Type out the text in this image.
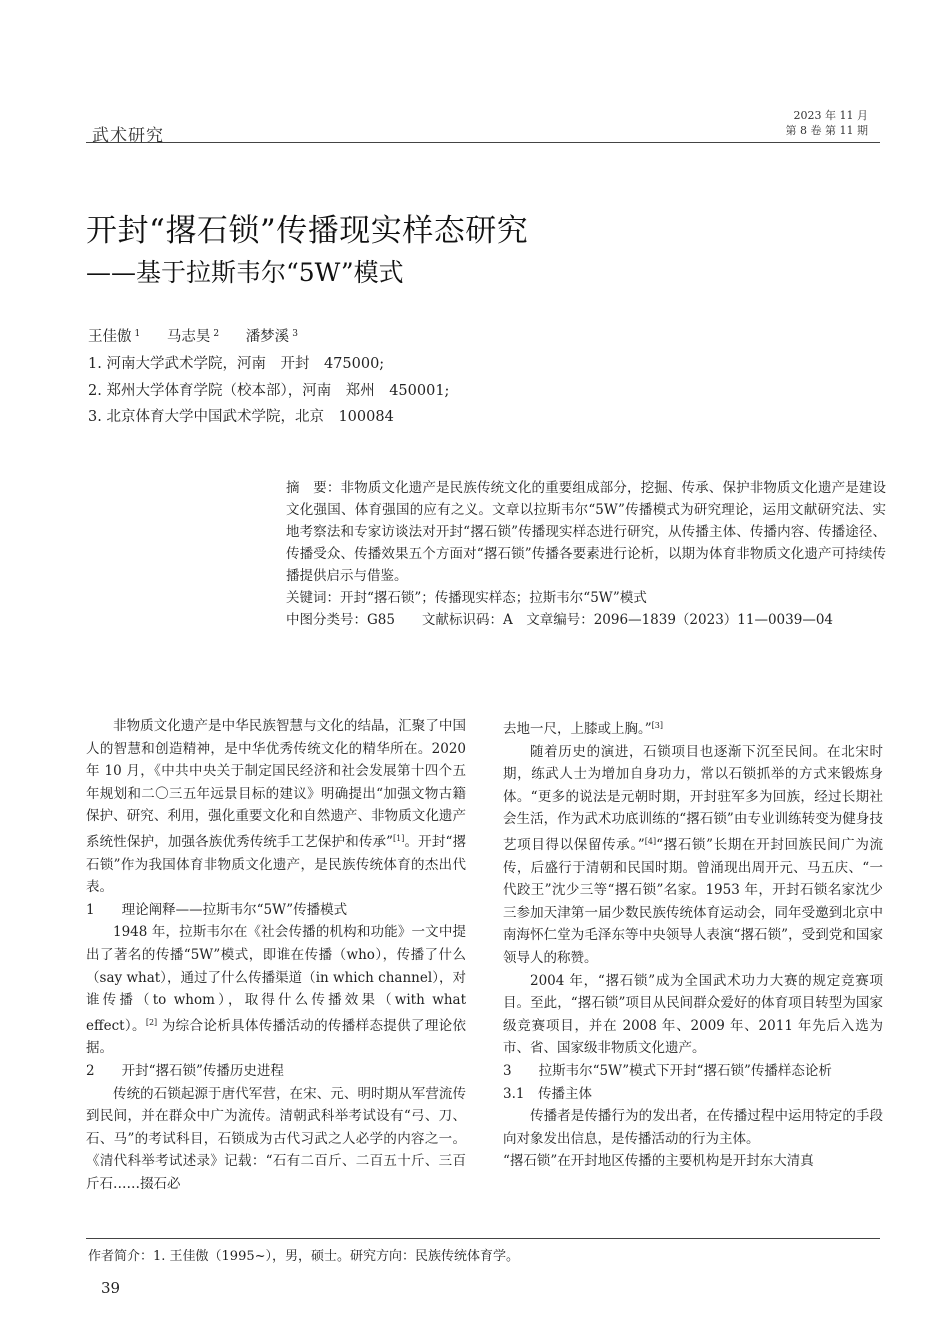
武术研究
2023 年 11 月
第 8 卷 第 11 期
开封“撂石锁”传播现实样态研究
——基于拉斯韦尔“5W”模式
王佳傲 $^1$ 马志昊 $^2$ 潘梦溪 $^3$
1. 河南大学武术学院，河南　开封　475000;
2. 郑州大学体育学院（校本部），河南　郑州　450001;
3. 北京体育大学中国武术学院，北京　100084

摘　要：非物质文化遗产是民族传统文化的重要组成部分，挖掘、传承、保护非物质文化遗产是建设文化强国、体育强国的应有之义。文章以拉斯韦尔“5W”传播模式为研究理论，运用文献研究法、实地考察法和专家访谈法对开封“撂石锁”传播现实样态进行研究，从传播主体、传播内容、传播途径、传播受众、传播效果五个方面对“撂石锁”传播各要素进行论析，以期为体育非物质文化遗产可持续传播提供启示与借鉴。

关键词：开封“撂石锁”；传播现实样态；拉斯韦尔“5W”模式

中图分类号：G85　　文献标识码：A　文章编号：2096—1839（2023）11—0039—04

非物质文化遗产是中华民族智慧与文化的结晶，汇聚了中国人的智慧和创造精神，是中华优秀传统文化的精华所在。2020 年 10 月，《中共中央关于制定国民经济和社会发展第十四个五年规划和二〇三五年远景目标的建议》明确提出“加强文物古籍保护、研究、利用，强化重要文化和自然遗产、非物质文化遗产系统性保护，加强各族优秀传统手工艺保护和传承”[1]。开封“撂石锁”作为我国体育非物质文化遗产，是民族传统体育的杰出代表。

1　　理论阐释——拉斯韦尔“5W”传播模式

1948 年，拉斯韦尔在《社会传播的机构和功能》一文中提出了著名的传播“5W”模式，即谁在传播（who），传播了什么（say what），通过了什么传播渠道（in which channel），对谁传播（to whom），取得什么传播效果（with what effect）。[2] 为综合论析具体传播活动的传播样态提供了理论依据。

2　　开封“撂石锁”传播历史进程

传统的石锁起源于唐代军营，在宋、元、明时期从军营流传到民间，并在群众中广为流传。清朝武科举考试设有“弓、刀、石、马”的考试科目，石锁成为古代习武之人必学的内容之一。《清代科举考试述录》记载：“石有二百斤、二百五十斤、三百斤石……掇石必

去地一尺，上膝或上胸。”[3]

随着历史的演进，石锁项目也逐渐下沉至民间。在北宋时期，练武人士为增加自身功力，常以石锁抓举的方式来锻炼身体。“更多的说法是元朝时期，开封驻军多为回族，经过长期社会生活，作为武术功底训练的“撂石锁”由专业训练转变为健身技艺项目得以保留传承。”[4]“撂石锁”长期在开封回族民间广为流传，后盛行于清朝和民国时期。曾涌现出周开元、马五庆、“一代跤王”沈少三等“撂石锁”名家。1953 年，开封石锁名家沈少三参加天津第一届少数民族传统体育运动会，同年受邀到北京中南海怀仁堂为毛泽东等中央领导人表演“撂石锁”，受到党和国家领导人的称赞。

2004 年，“撂石锁”成为全国武术功力大赛的规定竞赛项目。至此，“撂石锁”项目从民间群众爱好的体育项目转型为国家级竞赛项目，并在 2008 年、2009 年、2011 年先后入选为市、省、国家级非物质文化遗产。

3　　拉斯韦尔“5W”模式下开封“撂石锁”传播样态论析
3.1　传播主体

传播者是传播行为的发出者，在传播过程中运用特定的手段向对象发出信息，是传播活动的行为主体。

“撂石锁”在开封地区传播的主要机构是开封东大清真

作者简介：1. 王佳傲（1995~），男，硕士。研究方向：民族传统体育学。
39
